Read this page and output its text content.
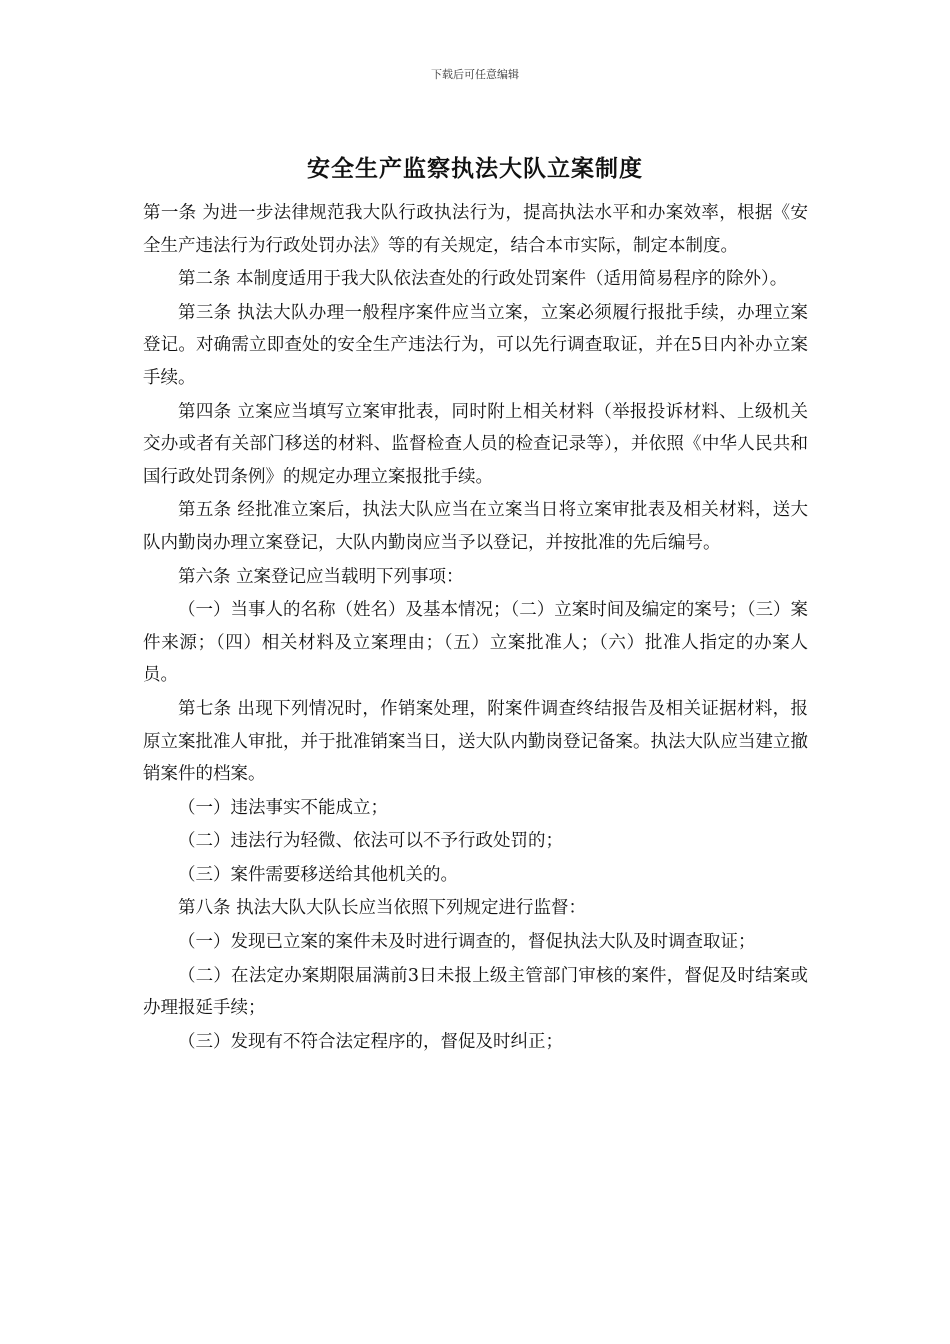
下载后可任意编辑
安全生产监察执法大队立案制度

第一条 为进一步法律规范我大队行政执法行为，提高执法水平和办案效率，根据《安全生产违法行为行政处罚办法》等的有关规定，结合本市实际，制定本制度。

第二条 本制度适用于我大队依法查处的行政处罚案件（适用简易程序的除外）。

第三条 执法大队办理一般程序案件应当立案，立案必须履行报批手续，办理立案登记。对确需立即查处的安全生产违法行为，可以先行调查取证，并在5日内补办立案手续。

第四条 立案应当填写立案审批表，同时附上相关材料（举报投诉材料、上级机关交办或者有关部门移送的材料、监督检查人员的检查记录等），并依照《中华人民共和国行政处罚条例》的规定办理立案报批手续。

第五条 经批准立案后，执法大队应当在立案当日将立案审批表及相关材料，送大队内勤岗办理立案登记，大队内勤岗应当予以登记，并按批准的先后编号。

第六条 立案登记应当载明下列事项：

（一）当事人的名称（姓名）及基本情况；（二）立案时间及编定的案号；（三）案件来源；（四）相关材料及立案理由；（五）立案批准人；（六）批准人指定的办案人员。

第七条 出现下列情况时，作销案处理，附案件调查终结报告及相关证据材料，报原立案批准人审批，并于批准销案当日，送大队内勤岗登记备案。执法大队应当建立撤销案件的档案。

（一）违法事实不能成立；

（二）违法行为轻微、依法可以不予行政处罚的；

（三）案件需要移送给其他机关的。

第八条 执法大队大队长应当依照下列规定进行监督：

（一）发现已立案的案件未及时进行调查的，督促执法大队及时调查取证；

（二）在法定办案期限届满前3日未报上级主管部门审核的案件，督促及时结案或办理报延手续；

（三）发现有不符合法定程序的，督促及时纠正；
